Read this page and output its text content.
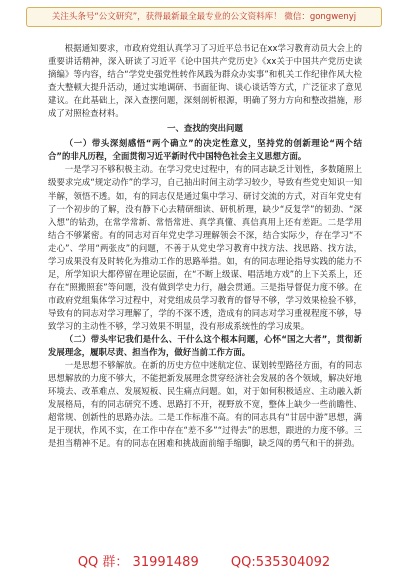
关注头条号“公文研究”，获得最新最全最专业的公文资料库！ 微信：gongwenyj

根据通知要求，市政府党组认真学习了习近平总书记在xx学习教育动员大会上的重要讲话精神，深入研读了习近平《论中国共产党历史》《xx关于中国共产党历史读摘编》等内容，结合“学党史强党性转作风践为群众办实事”和机关工作纪律作风大检查大整顿大提升活动，通过实地调研、书面征询、谈心谈话等方式，广泛征求了意见建议。在此基础上，深入查摆问题，深刻剖析根源，明确了努力方向和整改措施，形成了对照检查材料。

一、查找的突出问题

（一）带头深刻感悟“两个确立”的决定性意义，坚持党的创新理论“两个结合”的非凡历程，全面贯彻习近平新时代中国特色社会主义思想方面。

一是学习不够积极主动。在学习党史过程中，有的同志缺乏计划性，多数随照上级要求完成“规定动作”的学习，自己抽出时间主动学习较少，导致有些党史知识一知半解，领悟不透。如，有的同志仅是通过集中学习、研讨交流的方式，对百年党史有了一个初步的了解，没有静下心去精研细读、研机析理，缺少“反复学”的韧劲、“深入想”的钻劲，在常学常新、常悟常进、真学真懂、真信真用上还有差距。二是学用结合不够紧密。有的同志对百年党史学习理解领会不深，结合实际少，存在学习“不走心”、学用“两张皮”的问题，不善于从党史学习教育中找方法、找思路、找方法，学习成果没有及时转化为推动工作的思路举措。如，有的同志理论指导实践的能力不足，所学知识大都停留在理论层面，在“不断上级谋、唱活地方戏”的上下关系上，还存在“照搬照套”等问题，没有做到学史力行，融会贯通。三是指导督促力度不够。在市政府党组集体学习过程中，对党组成员学习教育的督导不够，学习效果检验不够，导致有的同志对学习理解了，学的不深不透，造成有的同志对学习重视程度不够，导致学习的主动性不够，学习效果不明显，没有形成系统性的学习成果。

（二）带头牢记我们是什么、干什么这个根本问题，心怀“国之大者”，贯彻新发展理念，履职尽责、担当作为，做好当前工作方面。

一是思想不够解放。在新的历史方位中迷航定位、谋划转型路径方面，有的同志思想解放的力度不够大，不能把新发展理念贯穿经济社会发展的各个领域，解决好地环境去、改革难点、发展短板、民生痛点问题。如，对于如何积极适应、主动融入新发展格局，有的同志研究不透、思路打不开，视野放不宽，整体上缺少一些前瞻性、超常规、创新性的思路办法。二是工作标准不高。有的同志具有“甘居中游”思想，满足于现状，作风不实，在工作中存在“差不多”“过得去”的思想，跟进的力度不够。三是担当精神不足。有的同志在困难和挑战面前缩手缩脚，缺乏闯的勇气和干的拼劲。

QQ 群： 31991489 QQ:535304092
